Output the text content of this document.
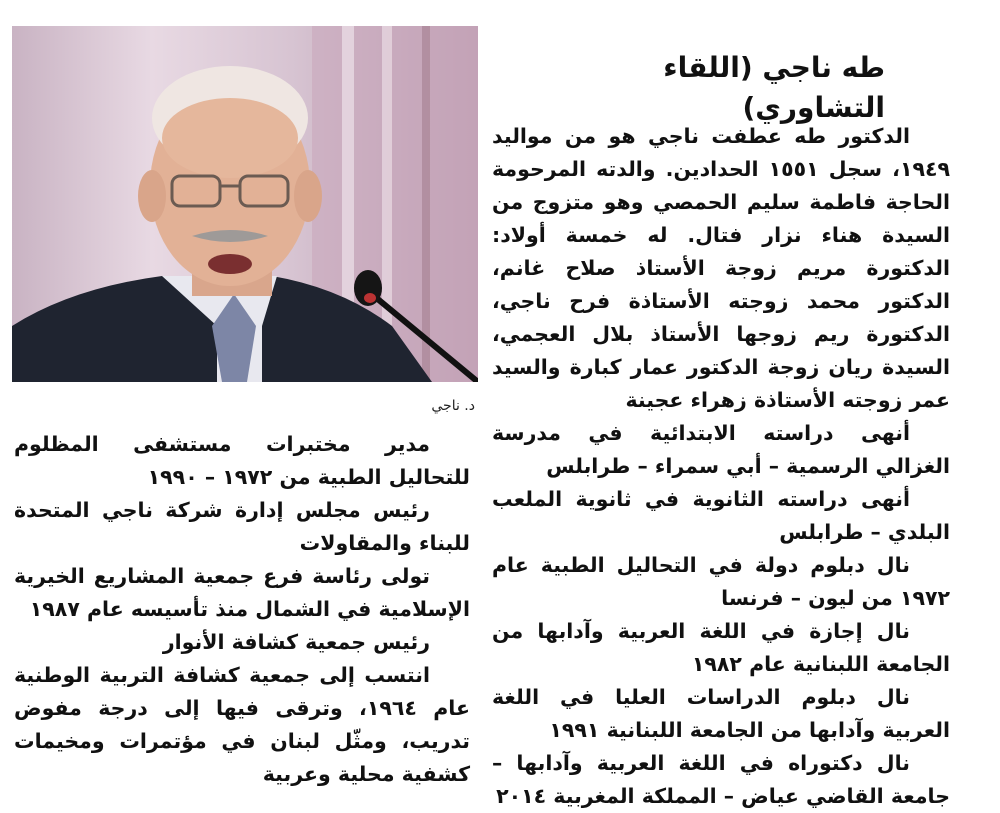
د. ناجي
طه ناجي (اللقاء التشاوري)

الدكتور طه عطفت ناجي هو من مواليد ١٩٤٩، سجل ١٥٥١ الحدادين. والدته المرحومة الحاجة فاطمة سليم الحمصي وهو متزوج من السيدة هناء نزار فتال. له خمسة أولاد: الدكتورة مريم زوجة الأستاذ صلاح غانم، الدكتور محمد زوجته الأستاذة فرح ناجي، الدكتورة ريم زوجها الأستاذ بلال العجمي، السيدة ريان زوجة الدكتور عمار كبارة والسيد عمر زوجته الأستاذة زهراء عجينة

أنهى دراسته الابتدائية في مدرسة الغزالي الرسمية – أبي سمراء – طرابلس

أنهى دراسته الثانوية في ثانوية الملعب البلدي – طرابلس

نال دبلوم دولة في التحاليل الطبية عام ١٩٧٢ من ليون – فرنسا

نال إجازة في اللغة العربية وآدابها من الجامعة اللبنانية عام ١٩٨٢

نال دبلوم الدراسات العليا في اللغة العربية وآدابها من الجامعة اللبنانية ١٩٩١

نال دكتوراه في اللغة العربية وآدابها – جامعة القاضي عياض – المملكة المغربية ٢٠١٤

مدير مختبرات مستشفى المظلوم للتحاليل الطبية من ١٩٧٢ – ١٩٩٠

رئيس مجلس إدارة شركة ناجي المتحدة للبناء والمقاولات

تولى رئاسة فرع جمعية المشاريع الخيرية الإسلامية في الشمال منذ تأسيسه عام ١٩٨٧

رئيس جمعية كشافة الأنوار

انتسب إلى جمعية كشافة التربية الوطنية عام ١٩٦٤، وترقى فيها إلى درجة مفوض تدريب، ومثّل لبنان في مؤتمرات ومخيمات كشفية محلية وعربية
